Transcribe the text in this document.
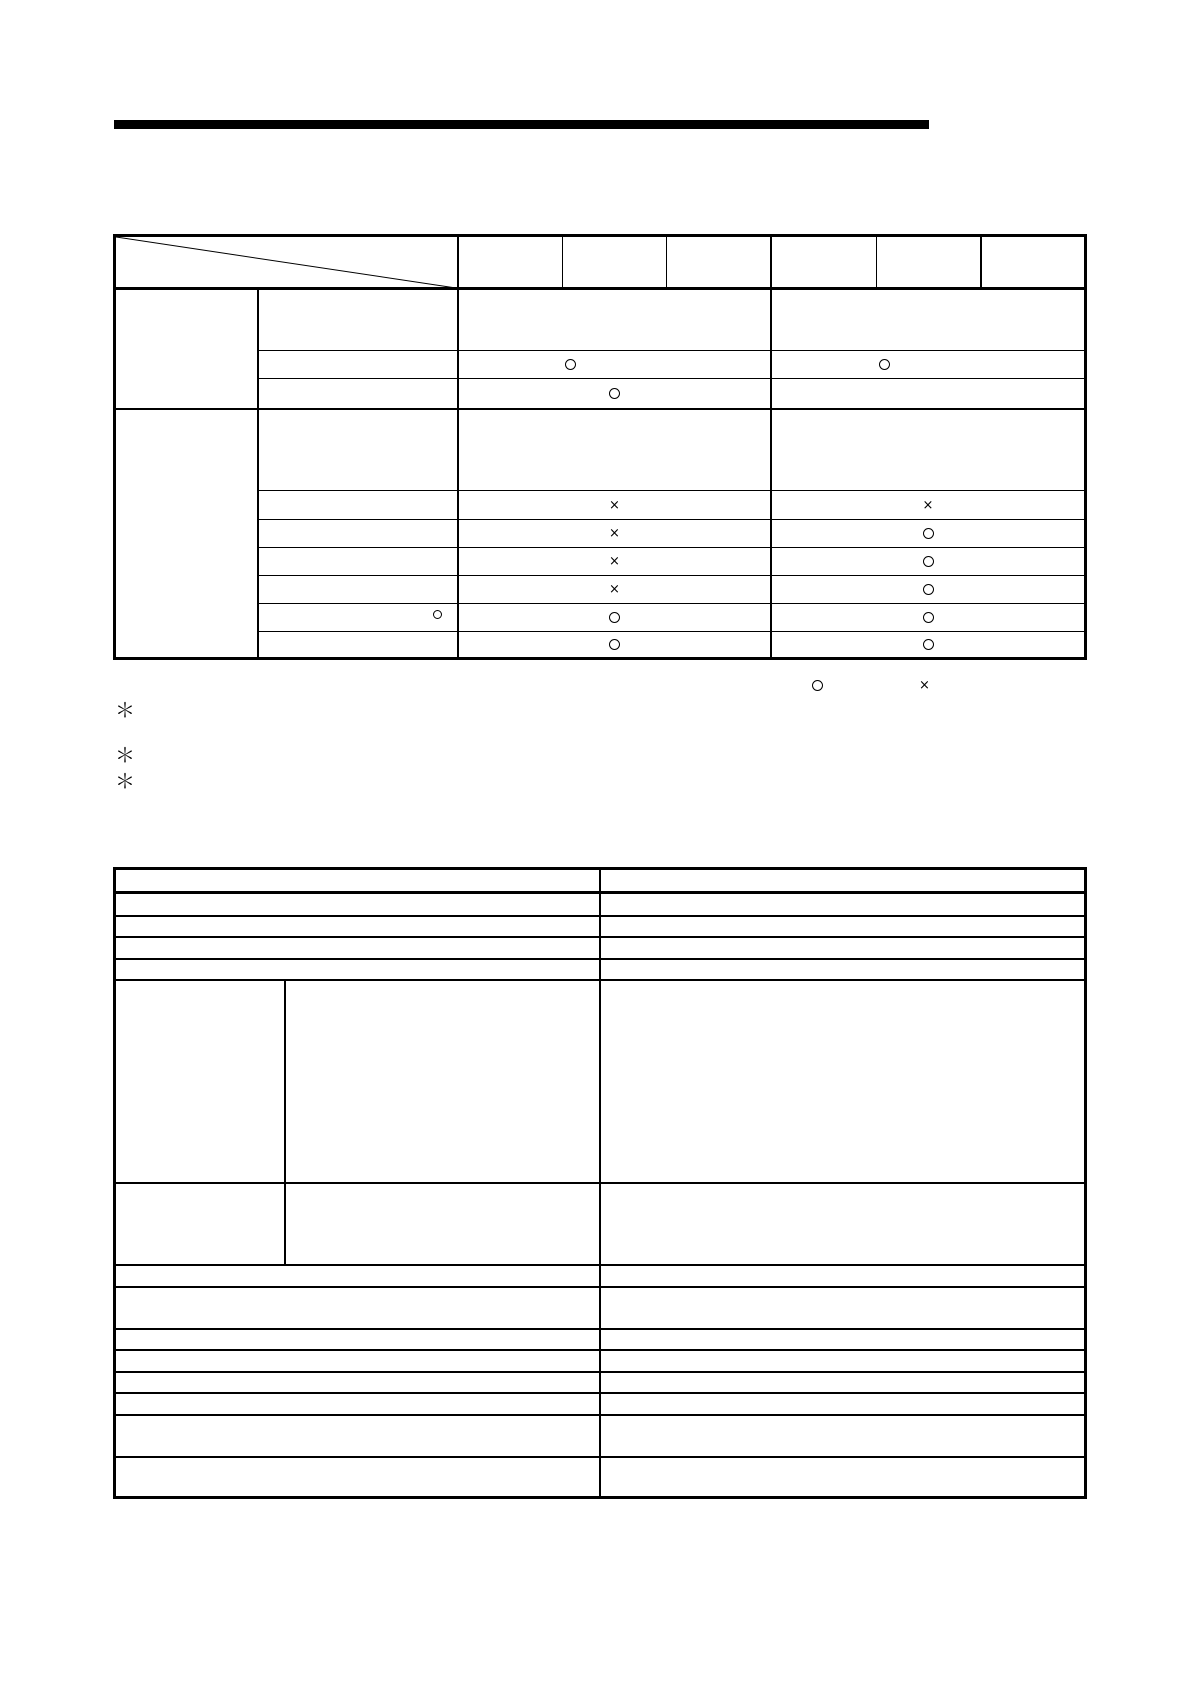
×	×
×
×
×
×
＊
＊
＊
